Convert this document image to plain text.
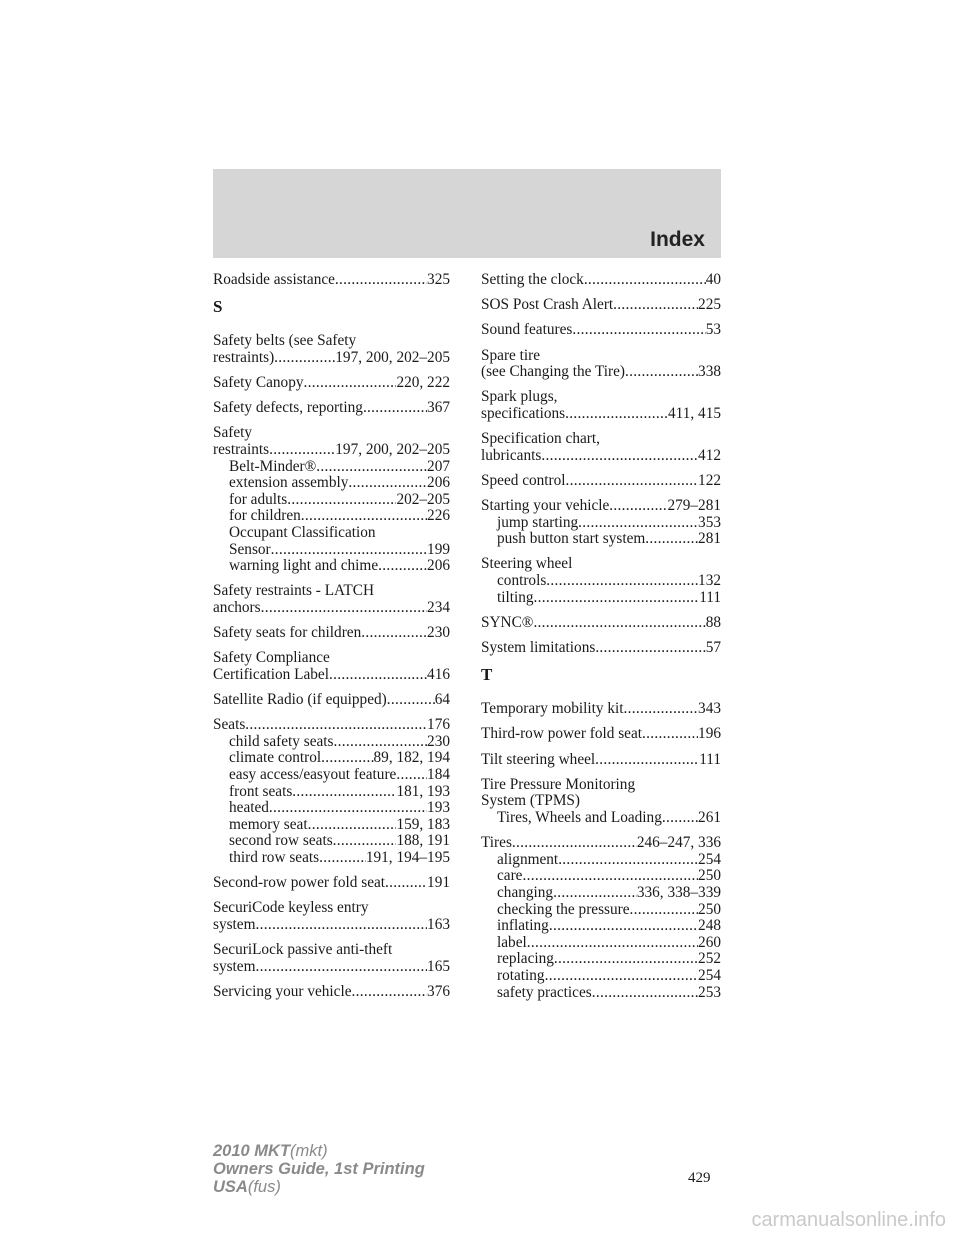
Index
Roadside assistance .....	325
S
Safety belts (see Safety
restraints) .....	197, 200, 202–205
Safety Canopy .....	220, 222
Safety defects, reporting .....	367
Safety
restraints .....	197, 200, 202–205
Belt-Minder® .....	207
extension assembly .....	206
for adults .....	202–205
for children .....	226
Occupant Classification
Sensor .....	199
warning light and chime .....	206
Safety restraints - LATCH
anchors .....	234
Safety seats for children .....	230
Safety Compliance
Certification Label .....	416
Satellite Radio (if equipped) .....	64
Seats .....	176
child safety seats .....	230
climate control .....	89, 182, 194
easy access/easyout feature ..... 184
front seats .....	181, 193
heated .....	193
memory seat .....	159, 183
second row seats .....	188, 191
third row seats .....	191, 194–195
Second-row power fold seat .....	191
SecuriCode keyless entry
system .....	163
SecuriLock passive anti-theft
system .....	165
Servicing your vehicle .....	376
Setting the clock .....	40
SOS Post Crash Alert .....	225
Sound features .....	53
Spare tire
(see Changing the Tire) .....	338
Spark plugs,
specifications .....	411, 415
Specification chart,
lubricants .....	412
Speed control .....	122
Starting your vehicle .....	279–281
jump starting .....	353
push button start system .....	281
Steering wheel
controls .....	132
tilting .....	111
SYNC® .....	88
System limitations .....	57
T
Temporary mobility kit .....	343
Third-row power fold seat .....	196
Tilt steering wheel .....	111
Tire Pressure Monitoring
System (TPMS)
Tires, Wheels and Loading ..... 261
Tires .....	246–247, 336
alignment .....	254
care .....	250
changing .....	336, 338–339
checking the pressure .....	250
inflating .....	248
label .....	260
replacing .....	252
rotating .....	254
safety practices .....	253
429
2010 MKT(mkt)
Owners Guide, 1st Printing
USA(fus)
carmanualsonline.info
